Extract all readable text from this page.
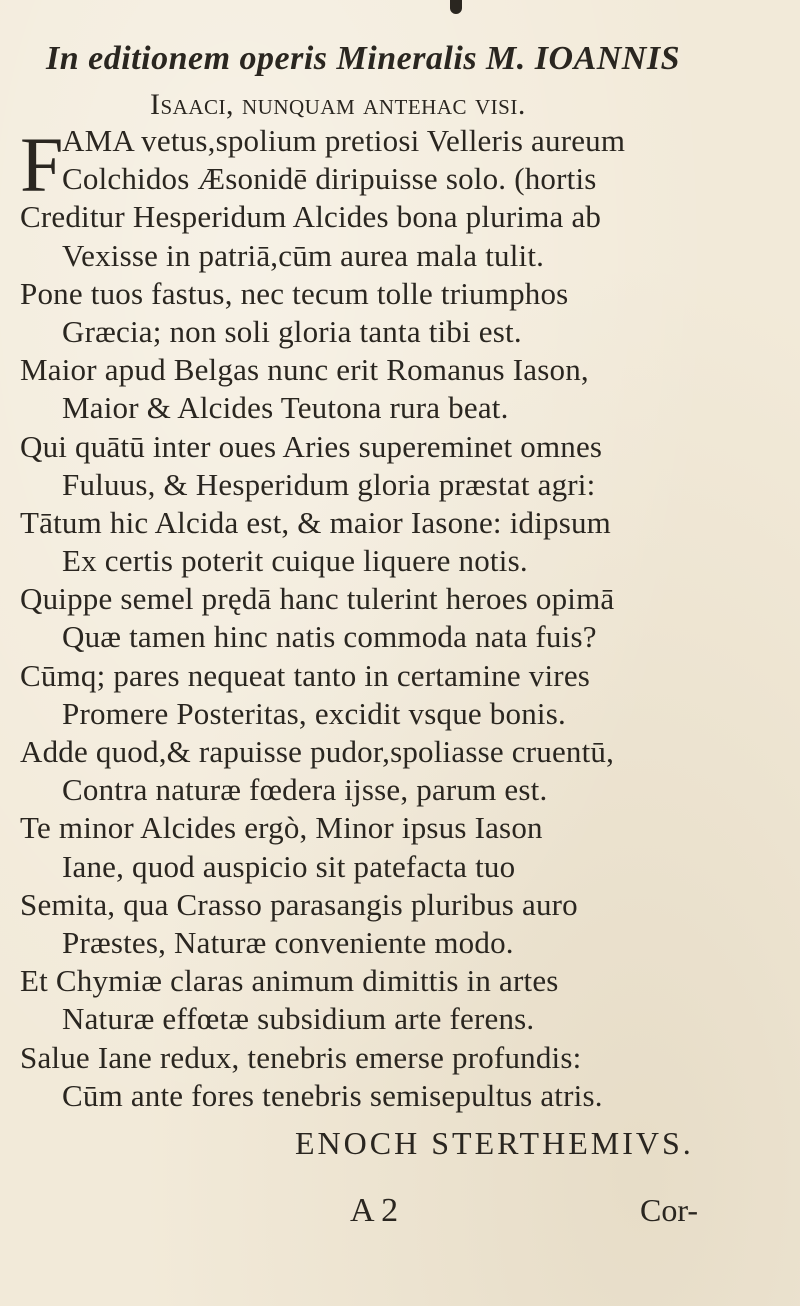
In editionem operis Mineralis M. IOANNIS
Isaaci, nunquam antehac visi.
F
AMA vetus,spolium pretiosi Velleris aureum
Colchidos Æsonidē diripuisse solo. (hortis
Creditur Hesperidum Alcides bona plurima ab
Vexisse in patriā,cūm aurea mala tulit.
Pone tuos fastus, nec tecum tolle triumphos
Græcia; non soli gloria tanta tibi est.
Maior apud Belgas nunc erit Romanus Iason,
Maior & Alcides Teutona rura beat.
Qui quātū inter oues Aries supereminet omnes
Fuluus, & Hesperidum gloria præstat agri:
Tātum hic Alcida est, & maior Iasone: idipsum
Ex certis poterit cuique liquere notis.
Quippe semel prędā hanc tulerint heroes opimā
Quæ tamen hinc natis commoda nata fuis?
Cūmq; pares nequeat tanto in certamine vires
Promere Posteritas, excidit vsque bonis.
Adde quod,& rapuisse pudor,spoliasse cruentū,
Contra naturæ fœdera ijsse, parum est.
Te minor Alcides ergò, Minor ipsus Iason
Iane, quod auspicio sit patefacta tuo
Semita, qua Crasso parasangis pluribus auro
Præstes, Naturæ conveniente modo.
Et Chymiæ claras animum dimittis in artes
Naturæ effœtæ subsidium arte ferens.
Salue Iane redux, tenebris emerse profundis:
Cūm ante fores tenebris semisepultus atris.
ENOCH STERTHEMIVS.
A 2	Cor-
